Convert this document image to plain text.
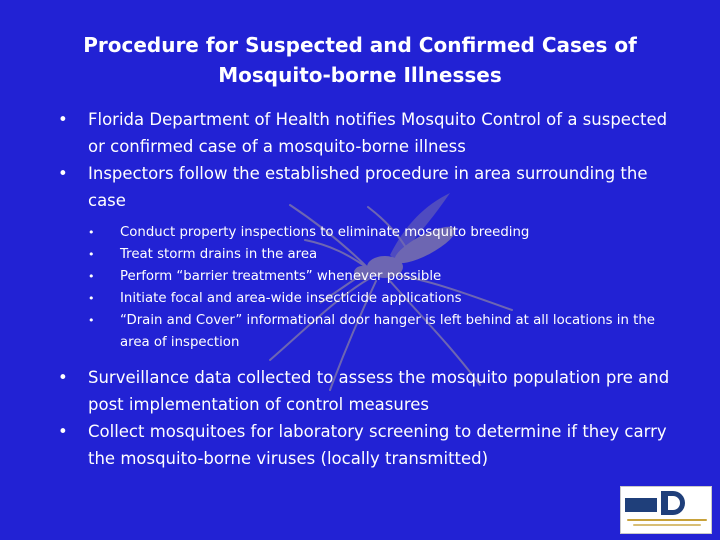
Procedure for Suspected and Confirmed Cases of
Mosquito-borne Illnesses
• Florida Department of Health notifies Mosquito Control of a suspected or confirmed case of a mosquito-borne illness
• Inspectors follow the established procedure in area surrounding the case
• Conduct property inspections to eliminate mosquito breeding
• Treat storm drains in the area
• Perform “barrier treatments” whenever possible
• Initiate focal and area-wide insecticide applications
• “Drain and Cover” informational door hanger is left behind at all locations in the area of inspection
• Surveillance data collected to assess the mosquito population pre and post implementation of control measures
• Collect mosquitoes for laboratory screening to determine if they carry the mosquito-borne viruses (locally transmitted)
